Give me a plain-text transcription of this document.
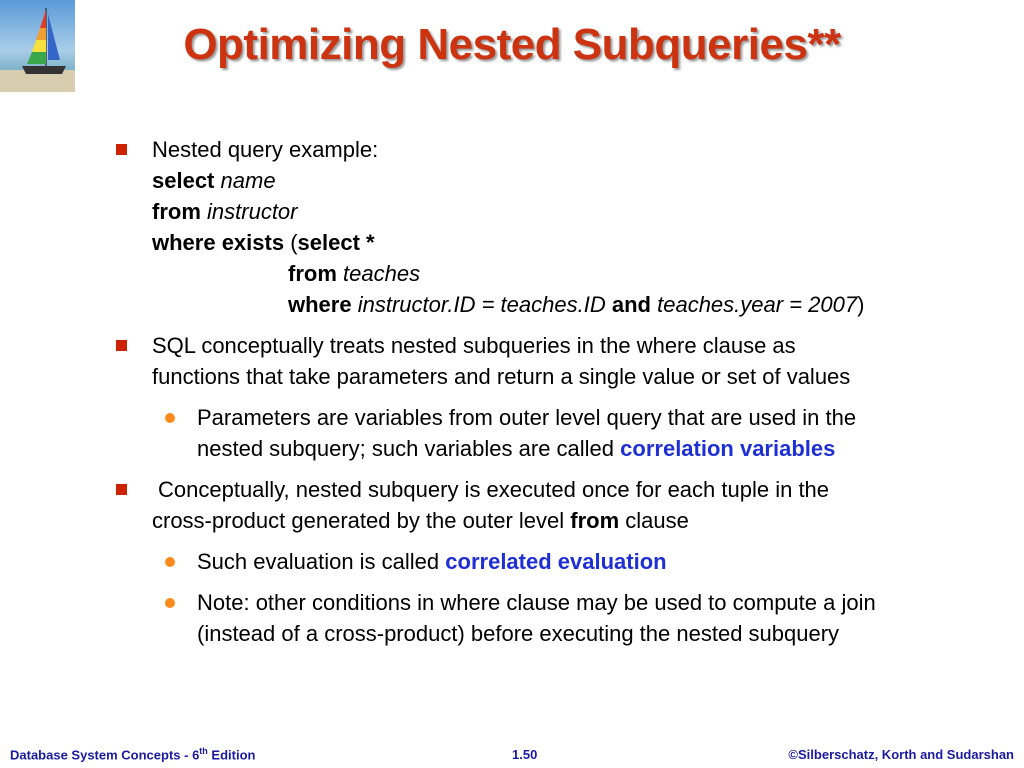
Optimizing Nested Subqueries**
Nested query example:
select name
from instructor
where exists (select *
from teaches
where instructor.ID = teaches.ID and teaches.year = 2007)
SQL conceptually treats nested subqueries in the where clause as
functions that take parameters and return a single value or set of values
Parameters are variables from outer level query that are used in the
nested subquery; such variables are called correlation variables
Conceptually, nested subquery is executed once for each tuple in the
cross-product generated by the outer level from clause
Such evaluation is called correlated evaluation
Note: other conditions in where clause may be used to compute a join
(instead of a cross-product) before executing the nested subquery
Database System Concepts - 6th Edition	1.50	©Silberschatz, Korth and Sudarshan
